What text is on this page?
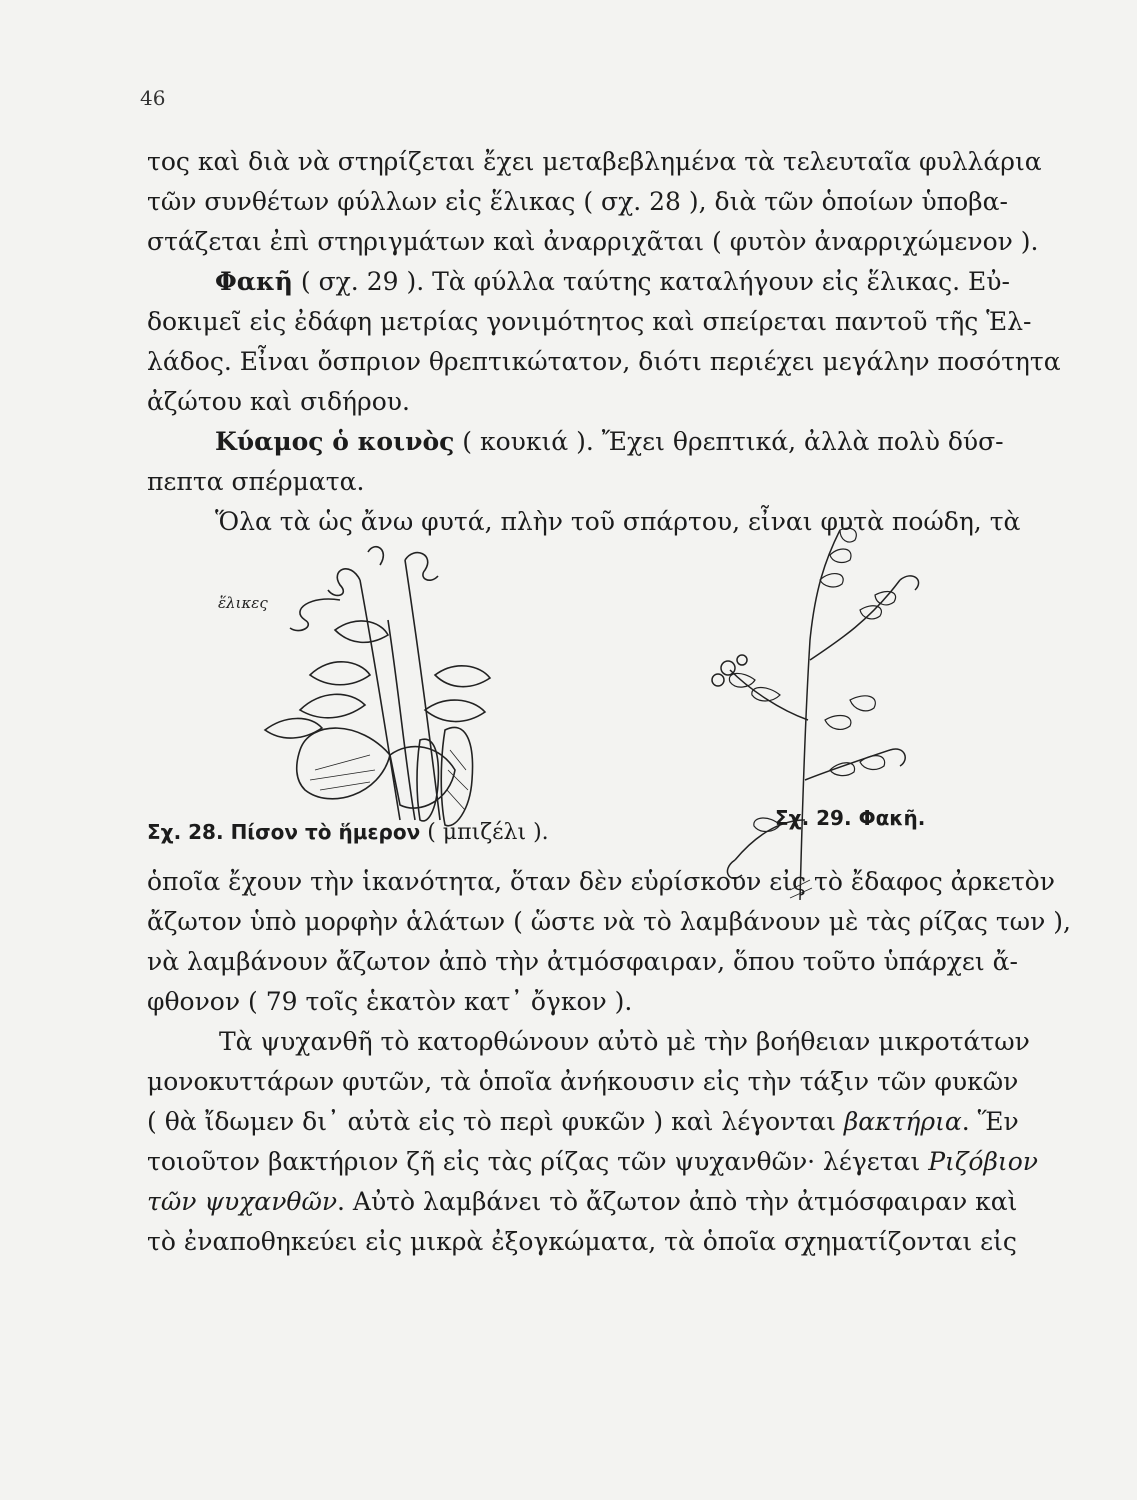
46
τος καὶ διὰ νὰ στηρίζεται ἔχει μεταβεβλημένα τὰ τελευταῖα φυλλάρια
τῶν συνθέτων φύλλων εἰς ἕλικας ( σχ. 28 ), διὰ τῶν ὁποίων ὑποβα-
στάζεται ἐπὶ στηριγμάτων καὶ ἀναρριχᾶται ( φυτὸν ἀναρριχώμενον ).
Φακῆ ( σχ. 29 ). Τὰ φύλλα ταύτης καταλήγουν εἰς ἕλικας. Εὐ-
δοκιμεῖ εἰς ἐδάφη μετρίας γονιμότητος καὶ σπείρεται παντοῦ τῆς Ἑλ-
λάδος. Εἶναι ὄσπριον θρεπτικώτατον, διότι περιέχει μεγάλην ποσότητα
ἀζώτου καὶ σιδήρου.
Κύαμος ὁ κοινὸς ( κουκιά ). Ἔχει θρεπτικά, ἀλλὰ πολὺ δύσ-
πεπτα σπέρματα.
Ὅλα τὰ ὡς ἄνω φυτά, πλὴν τοῦ σπάρτου, εἶναι φυτὰ ποώδη, τὰ
ἕλικες
Σχ. 28. Πίσον τὸ ἥμερον ( μπιζέλι ).
Σχ. 29. Φακῆ.
ὁποῖα ἔχουν τὴν ἱκανότητα, ὅταν δὲν εὑρίσκουν εἰς τὸ ἔδαφος ἀρκετὸν
ἄζωτον ὑπὸ μορφὴν ἁλάτων ( ὥστε νὰ τὸ λαμβάνουν μὲ τὰς ρίζας των ),
νὰ λαμβάνουν ἄζωτον ἀπὸ τὴν ἀτμόσφαιραν, ὅπου τοῦτο ὑπάρχει ἄ-
φθονον ( 79 τοῖς ἑκατὸν κατ᾽ ὄγκον ).
Τὰ ψυχανθῆ τὸ κατορθώνουν αὐτὸ μὲ τὴν βοήθειαν μικροτάτων
μονοκυττάρων φυτῶν, τὰ ὁποῖα ἀνήκουσιν εἰς τὴν τάξιν τῶν φυκῶν
( θὰ ἴδωμεν δι᾽ αὐτὰ εἰς τὸ περὶ φυκῶν ) καὶ λέγονται βακτήρια. Ἕν
τοιοῦτον βακτήριον ζῆ εἰς τὰς ρίζας τῶν ψυχανθῶν· λέγεται Ριζόβιον
τῶν ψυχανθῶν. Αὐτὸ λαμβάνει τὸ ἄζωτον ἀπὸ τὴν ἀτμόσφαιραν καὶ
τὸ ἐναποθηκεύει εἰς μικρὰ ἐξογκώματα, τὰ ὁποῖα σχηματίζονται εἰς
